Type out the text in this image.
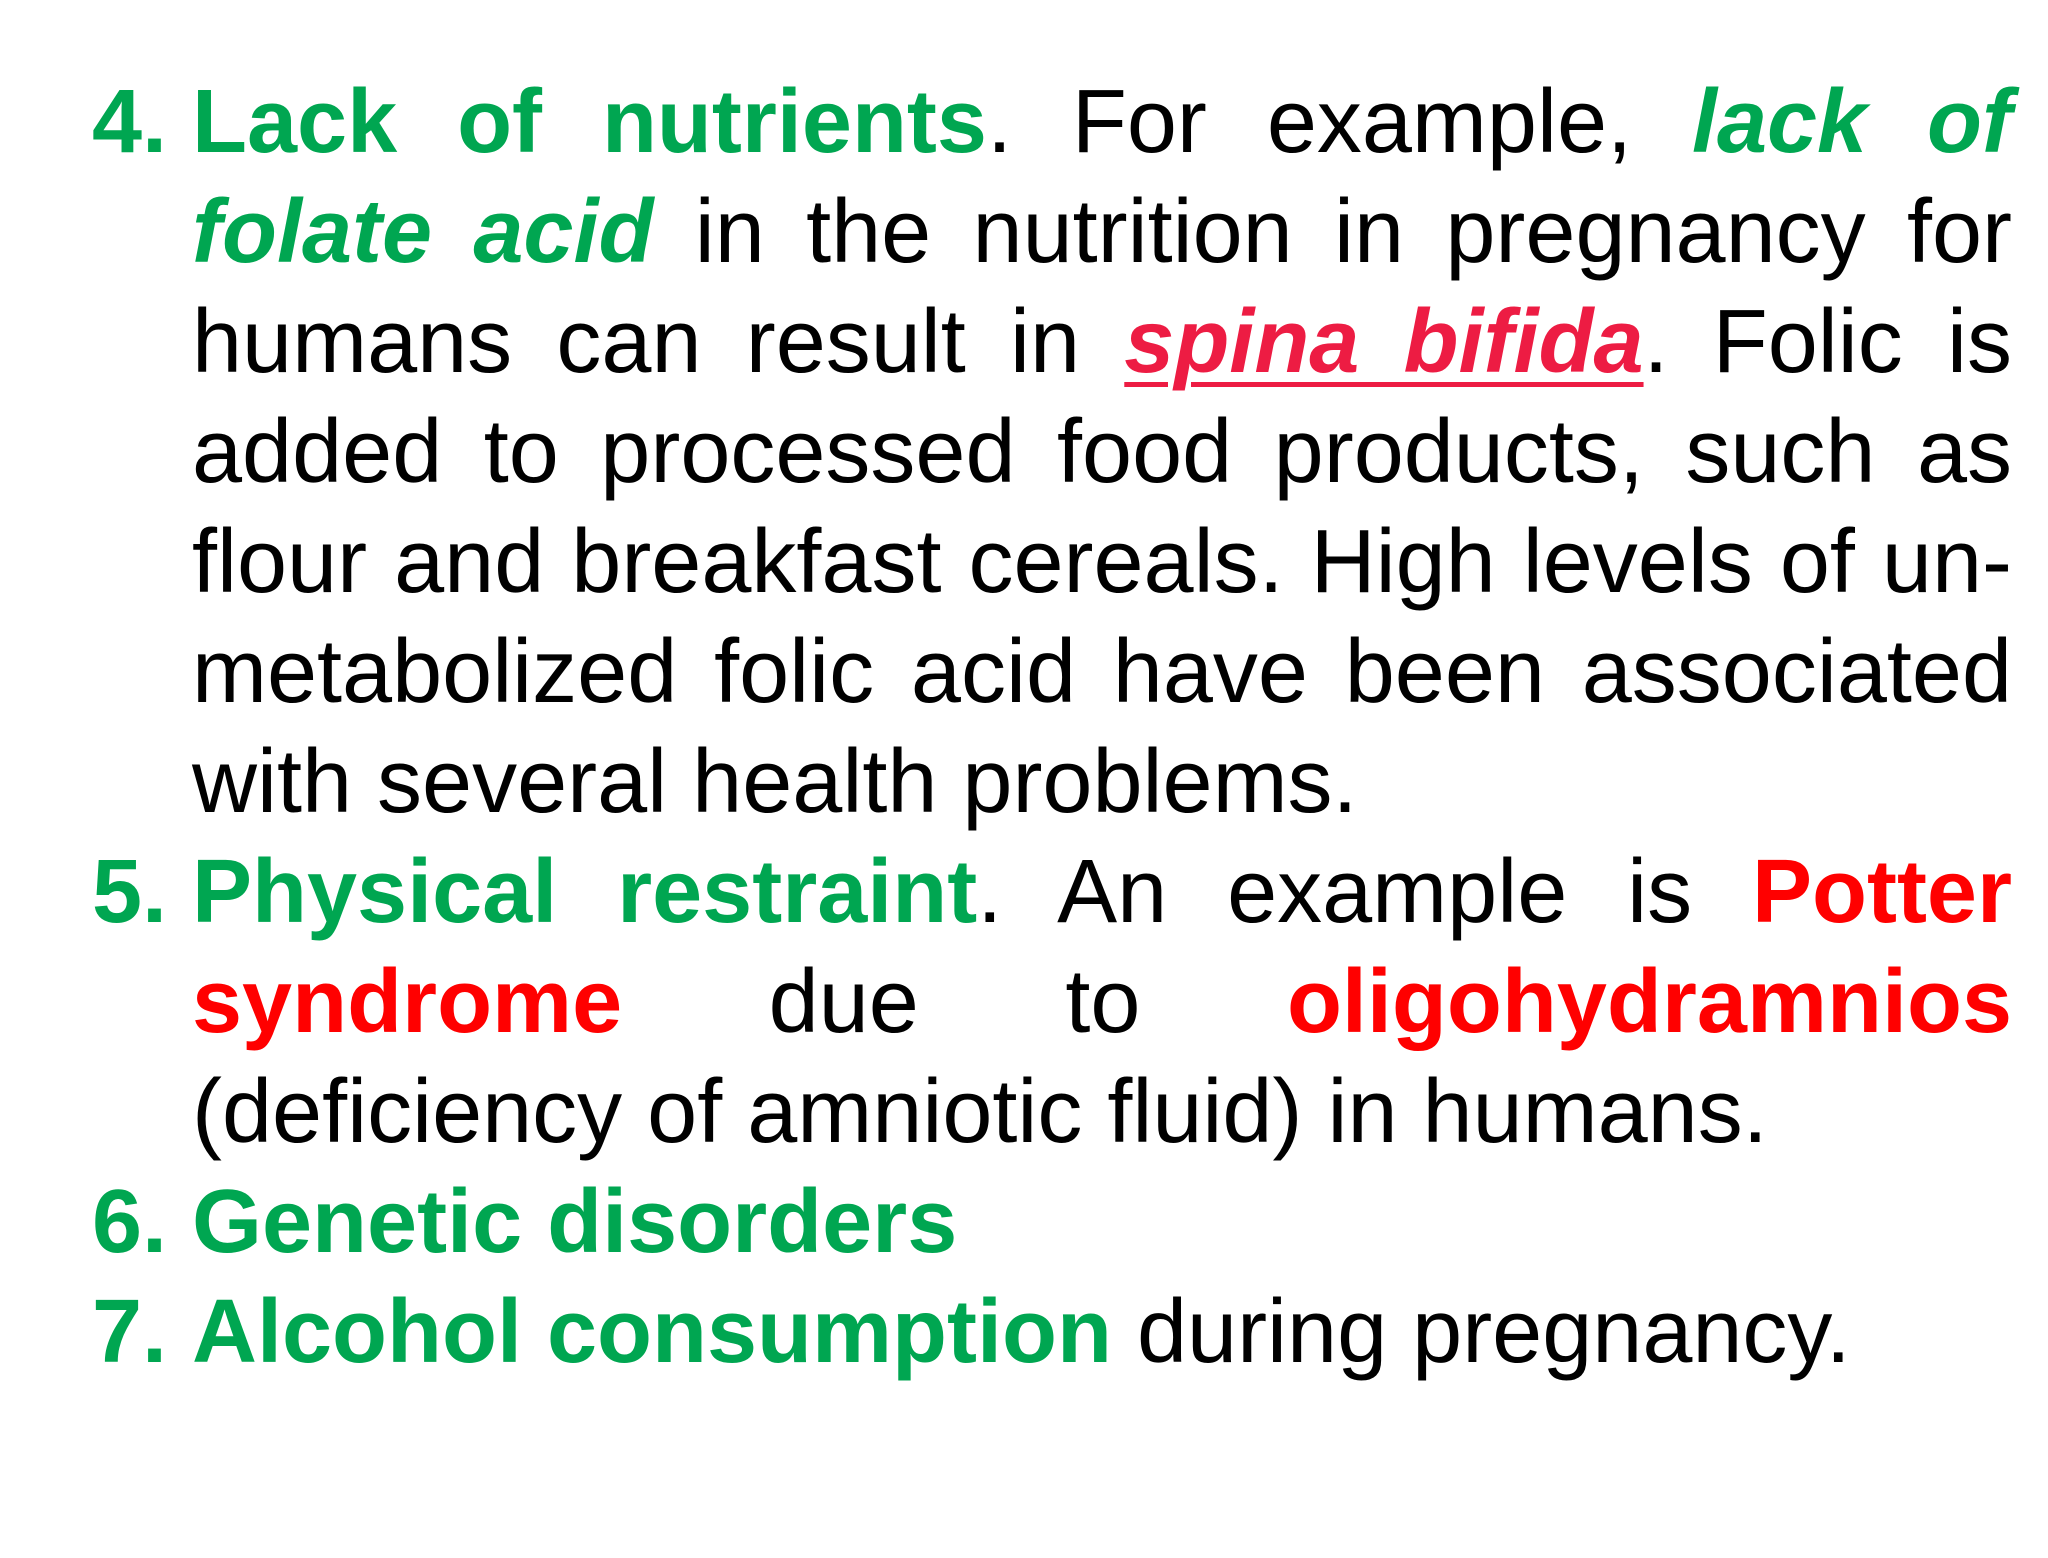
4. Lack of nutrients. For example, lack of folate acid in the nutrition in pregnancy for humans can result in spina bifida. Folic is added to processed food products, such as flour and breakfast cereals. High levels of un-metabolized folic acid have been associated with several health problems.
5. Physical restraint. An example is Potter syndrome due to oligohydramnios (deficiency of amniotic fluid) in humans.
6. Genetic disorders
7. Alcohol consumption during pregnancy.
